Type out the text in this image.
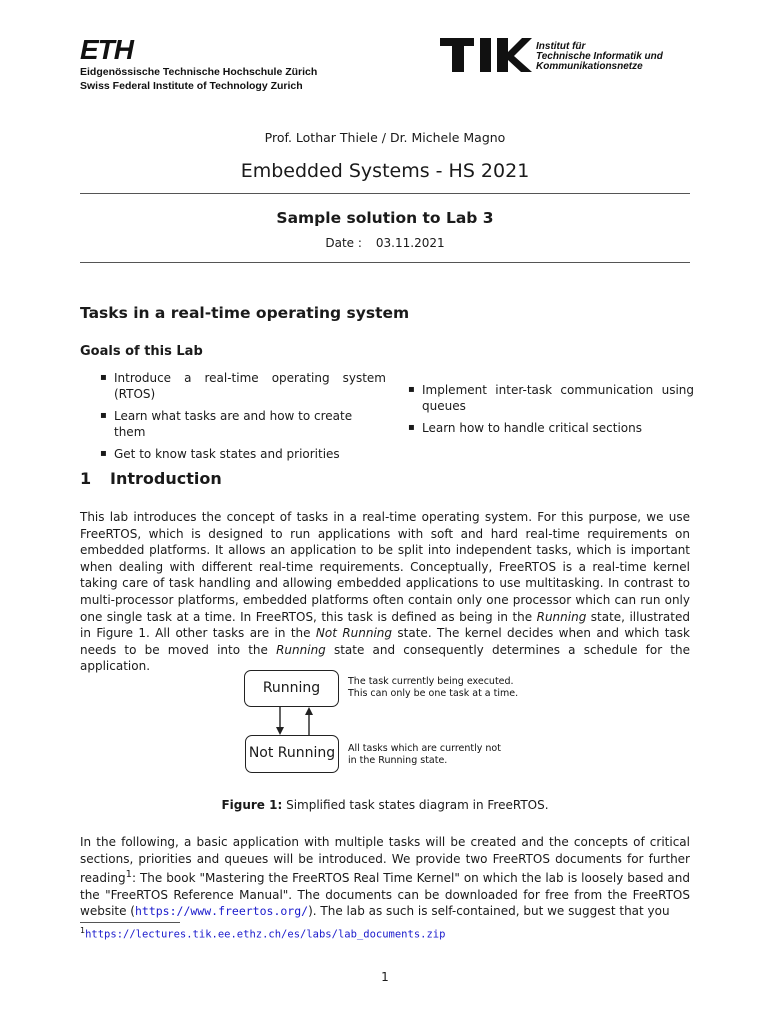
ETH
Eidgenössische Technische Hochschule Zürich
Swiss Federal Institute of Technology Zurich
Institut für
Technische Informatik und
Kommunikationsnetze
Prof. Lothar Thiele / Dr. Michele Magno
Embedded Systems - HS 2021
Sample solution to Lab 3
Date : 03.11.2021
Tasks in a real-time operating system
Goals of this Lab
▪ Introduce a real-time operating system (RTOS)
▪ Learn what tasks are and how to create them
▪ Get to know task states and priorities
▪ Implement inter-task communication using queues
▪ Learn how to handle critical sections
1 Introduction
This lab introduces the concept of tasks in a real-time operating system. For this purpose, we use FreeRTOS, which is designed to run applications with soft and hard real-time requirements on embedded platforms. It allows an application to be split into independent tasks, which is important when dealing with different real-time requirements. Conceptually, FreeRTOS is a real-time kernel taking care of task handling and allowing embedded applications to use multitasking. In contrast to multi-processor platforms, embedded platforms often contain only one processor which can run only one single task at a time. In FreeRTOS, this task is defined as being in the Running state, illustrated in Figure 1. All other tasks are in the Not Running state. The kernel decides when and which task needs to be moved into the Running state and consequently determines a schedule for the application.
Running
Not Running
The task currently being executed.
This can only be one task at a time.
All tasks which are currently not
in the Running state.
Figure 1: Simplified task states diagram in FreeRTOS.
In the following, a basic application with multiple tasks will be created and the concepts of critical sections, priorities and queues will be introduced. We provide two FreeRTOS documents for further reading$^1$: The book "Mastering the FreeRTOS Real Time Kernel" on which the lab is loosely based and the "FreeRTOS Reference Manual". The documents can be downloaded for free from the FreeRTOS website (https://www.freertos.org/). The lab as such is self-contained, but we suggest that you
$^1$https://lectures.tik.ee.ethz.ch/es/labs/lab_documents.zip
1
